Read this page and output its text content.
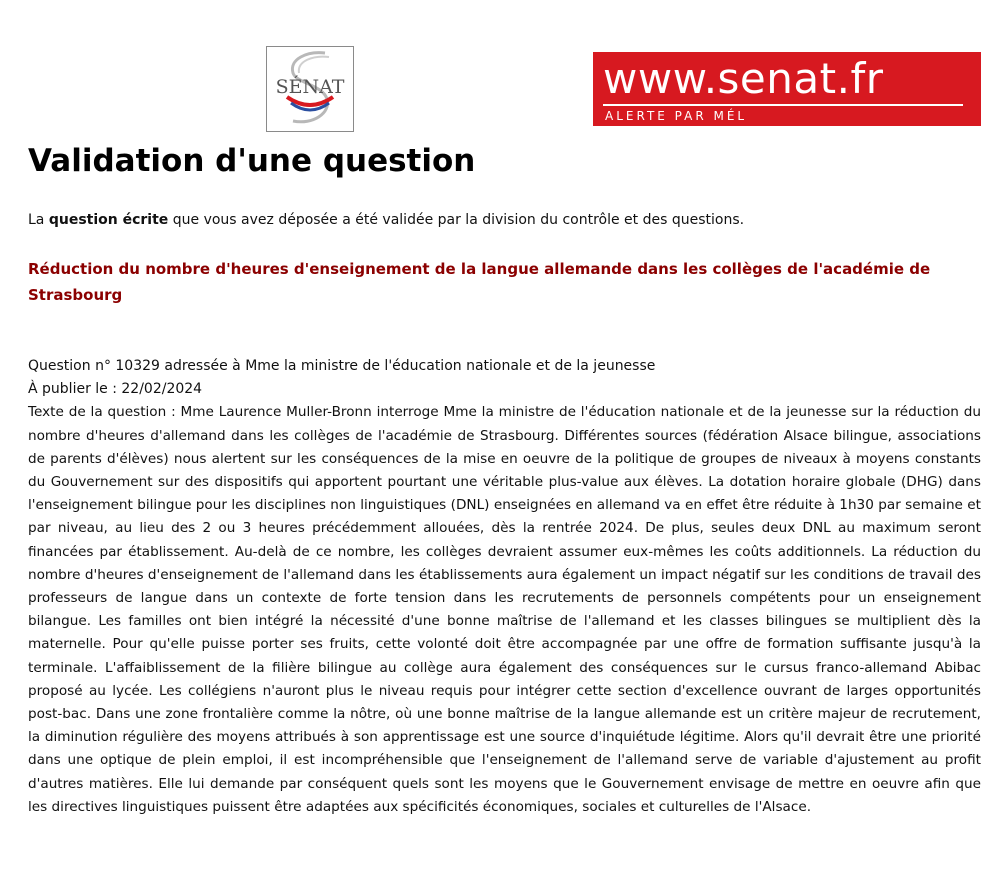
SÉNAT	www.senat.fr
ALERTE PAR MÉL
Validation d'une question

La question écrite que vous avez déposée a été validée par la division du contrôle et des questions.

Réduction du nombre d'heures d'enseignement de la langue allemande dans les collèges de l'académie de Strasbourg

Question n° 10329 adressée à Mme la ministre de l'éducation nationale et de la jeunesse

À publier le : 22/02/2024

Texte de la question : Mme Laurence Muller-Bronn interroge Mme la ministre de l'éducation nationale et de la jeunesse sur la réduction du nombre d'heures d'allemand dans les collèges de l'académie de Strasbourg. Différentes sources (fédération Alsace bilingue, associations de parents d'élèves) nous alertent sur les conséquences de la mise en oeuvre de la politique de groupes de niveaux à moyens constants du Gouvernement sur des dispositifs qui apportent pourtant une véritable plus-value aux élèves. La dotation horaire globale (DHG) dans l'enseignement bilingue pour les disciplines non linguistiques (DNL) enseignées en allemand va en effet être réduite à 1h30 par semaine et par niveau, au lieu des 2 ou 3 heures précédemment allouées, dès la rentrée 2024. De plus, seules deux DNL au maximum seront financées par établissement. Au-delà de ce nombre, les collèges devraient assumer eux-mêmes les coûts additionnels. La réduction du nombre d'heures d'enseignement de l'allemand dans les établissements aura également un impact négatif sur les conditions de travail des professeurs de langue dans un contexte de forte tension dans les recrutements de personnels compétents pour un enseignement bilangue. Les familles ont bien intégré la nécessité d'une bonne maîtrise de l'allemand et les classes bilingues se multiplient dès la maternelle. Pour qu'elle puisse porter ses fruits, cette volonté doit être accompagnée par une offre de formation suffisante jusqu'à la terminale. L'affaiblissement de la filière bilingue au collège aura également des conséquences sur le cursus franco-allemand Abibac proposé au lycée. Les collégiens n'auront plus le niveau requis pour intégrer cette section d'excellence ouvrant de larges opportunités post-bac. Dans une zone frontalière comme la nôtre, où une bonne maîtrise de la langue allemande est un critère majeur de recrutement, la diminution régulière des moyens attribués à son apprentissage est une source d'inquiétude légitime. Alors qu'il devrait être une priorité dans une optique de plein emploi, il est incompréhensible que l'enseignement de l'allemand serve de variable d'ajustement au profit d'autres matières. Elle lui demande par conséquent quels sont les moyens que le Gouvernement envisage de mettre en oeuvre afin que les directives linguistiques puissent être adaptées aux spécificités économiques, sociales et culturelles de l'Alsace.
